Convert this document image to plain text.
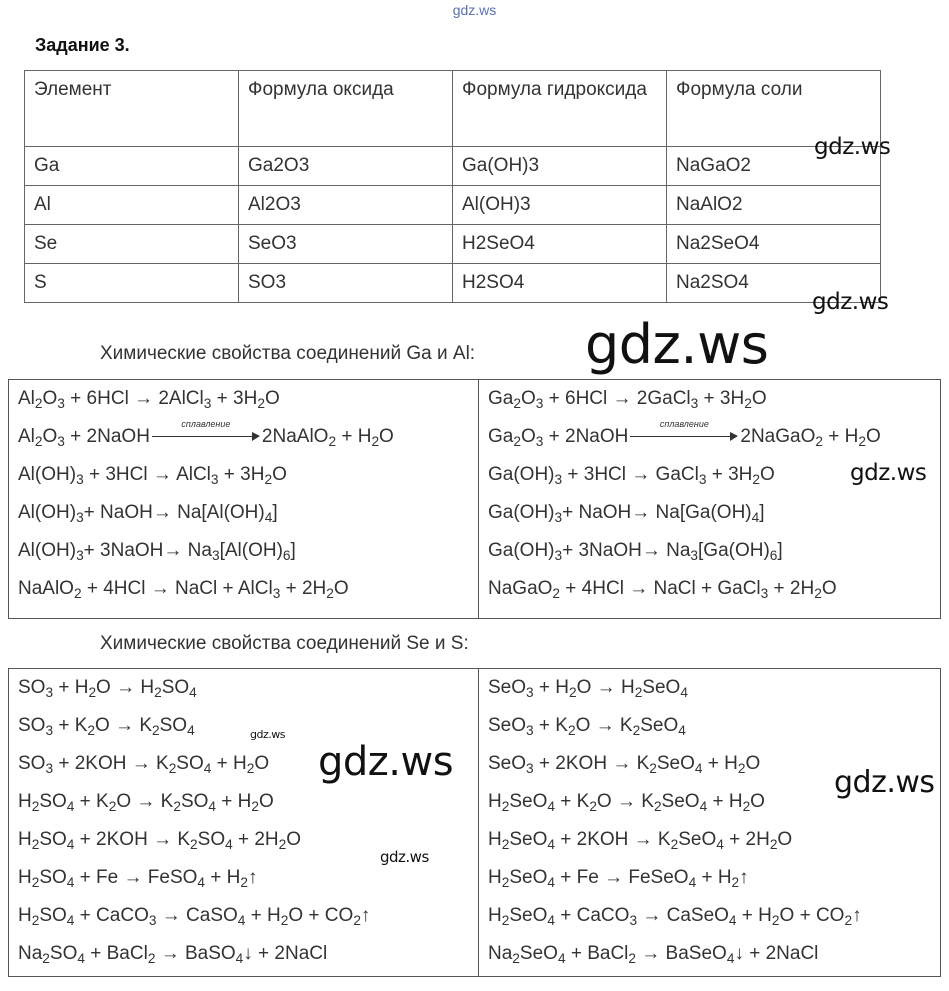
gdz.ws
Задание 3.
Элемент	Формула оксида	Формула гидроксида	Формула соли
Ga	Ga2O3	Ga(OH)3	NaGaO2
Al	Al2O3	Al(OH)3	NaAlO2
Se	SeO3	H2SeO4	Na2SeO4
S	SO3	H2SO4	Na2SO4
Химические свойства соединений Ga и Al:
$Al_2O_3 + 6HCl$ → 2AlCl$_3$ + $3H_2O$
$Al_2O_3$ + 2NaOH
сплавление
2NaAlO$_2$ + $H_2O$
$Al(OH)_3 + 3HCl$ → AlCl$_3$ + $3H_2O$
$Al(OH)_3+$ NaOH→ $Na[Al(OH)_4]$
$Al(OH)_3+$ 3NaOH→ $Na_3[Al(OH)_6]$
NaAlO$_2$ + 4HCl → NaCl + AlCl$_3$ + $2H_2O$
$Ga_2O_3 + 6HCl$ → 2GaCl$_3$ + $3H_2O$
$Ga_2O_3$ + 2NaOH
сплавление
2NaGaO$_2$ + $H_2O$
$Ga(OH)_3 + 3HCl$ → GaCl$_3$ + $3H_2O$
$Ga(OH)_3+$ NaOH→ $Na[Ga(OH)_4]$
$Ga(OH)_3+$ 3NaOH→ $Na_3[Ga(OH)_6]$
NaGaO$_2$ + 4HCl → NaCl + GaCl$_3$ + $2H_2O$
Химические свойства соединений Se и S:
$SO_3 + H_2O \to H_2SO_4$
$SO_3 + K_2O \to K_2SO_4$
$SO_3 + 2KOH \to K_2SO_4 + H_2O$
$H_2SO_4 + K_2O \to K_2SO_4 + H_2O$
$H_2SO_4 + 2KOH \to K_2SO_4 + 2H_2O$
$H_2SO_4 + Fe$ → FeSO$_4$ + $H_2↑$
$H_2SO_4$ + CaCO$_3$ → CaSO$_4$ + $H_2O$ + $CO_2↑$
$Na_2SO_4$ + BaCl$_2$ → BaSO$_4$↓ + 2NaCl
$SeO_3 + H_2O \to H_2SeO_4$
$SeO_3 + K_2O \to K_2SeO_4$
$SeO_3 + 2KOH \to K_2SeO_4 + H_2O$
$H_2SeO_4 + K_2O \to K_2SeO_4 + H_2O$
$H_2SeO_4 + 2KOH \to K_2SeO_4 + 2H_2O$
$H_2SeO_4 + Fe$ → FeSeO$_4$ + $H_2↑$
$H_2SeO_4$ + CaCO$_3$ → CaSeO$_4$ + $H_2O$ + $CO_2↑$
$Na_2SeO_4$ + BaCl$_2$ → BaSeO$_4$↓ + 2NaCl
gdz.ws
gdz.ws
gdz.ws
gdz.ws
gdz.ws	gdz.ws
gdz.ws
gdz.ws
